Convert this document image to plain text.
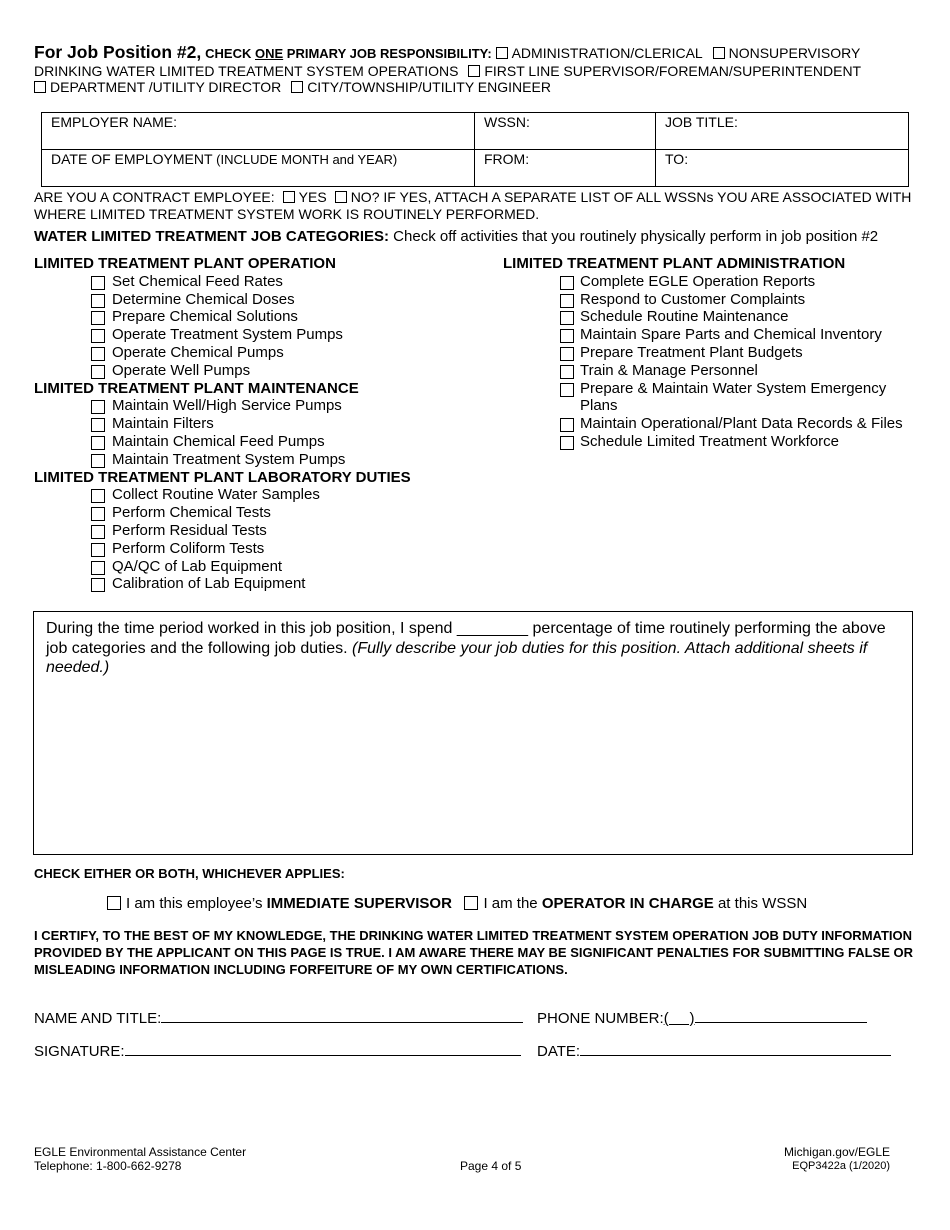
For Job Position #2, CHECK ONE PRIMARY JOB RESPONSIBILITY: ADMINISTRATION/CLERICAL NONSUPERVISORY DRINKING WATER LIMITED TREATMENT SYSTEM OPERATIONS FIRST LINE SUPERVISOR/FOREMAN/SUPERINTENDENT
DEPARTMENT /UTILITY DIRECTOR CITY/TOWNSHIP/UTILITY ENGINEER
EMPLOYER NAME:	WSSN:	JOB TITLE:
DATE OF EMPLOYMENT (INCLUDE MONTH and YEAR)	FROM:	TO:
ARE YOU A CONTRACT EMPLOYEE: YES NO? IF YES, ATTACH A SEPARATE LIST OF ALL WSSNs YOU ARE ASSOCIATED WITH WHERE LIMITED TREATMENT SYSTEM WORK IS ROUTINELY PERFORMED.
WATER LIMITED TREATMENT JOB CATEGORIES: Check off activities that you routinely physically perform in job position #2
LIMITED TREATMENT PLANT OPERATION
Set Chemical Feed Rates
Determine Chemical Doses
Prepare Chemical Solutions
Operate Treatment System Pumps
Operate Chemical Pumps
Operate Well Pumps
LIMITED TREATMENT PLANT MAINTENANCE
Maintain Well/High Service Pumps
Maintain Filters
Maintain Chemical Feed Pumps
Maintain Treatment System Pumps
LIMITED TREATMENT PLANT LABORATORY DUTIES
Collect Routine Water Samples
Perform Chemical Tests
Perform Residual Tests
Perform Coliform Tests
QA/QC of Lab Equipment
Calibration of Lab Equipment
LIMITED TREATMENT PLANT ADMINISTRATION
Complete EGLE Operation Reports
Respond to Customer Complaints
Schedule Routine Maintenance
Maintain Spare Parts and Chemical Inventory
Prepare Treatment Plant Budgets
Train & Manage Personnel
Prepare & Maintain Water System Emergency Plans
Maintain Operational/Plant Data Records & Files
Schedule Limited Treatment Workforce
During the time period worked in this job position, I spend ________ percentage of time routinely performing the above job categories and the following job duties. (Fully describe your job duties for this position. Attach additional sheets if needed.)
CHECK EITHER OR BOTH, WHICHEVER APPLIES:
I am this employee’s IMMEDIATE SUPERVISOR I am the OPERATOR IN CHARGE at this WSSN
I CERTIFY, TO THE BEST OF MY KNOWLEDGE, THE DRINKING WATER LIMITED TREATMENT SYSTEM OPERATION JOB DUTY INFORMATION PROVIDED BY THE APPLICANT ON THIS PAGE IS TRUE. I AM AWARE THERE MAY BE SIGNIFICANT PENALTIES FOR SUBMITTING FALSE OR MISLEADING INFORMATION INCLUDING FORFEITURE OF MY OWN CERTIFICATIONS.
NAME AND TITLE:	PHONE NUMBER:(     )
SIGNATURE:	DATE:
EGLE Environmental Assistance Center
Telephone: 1-800-662-9278	Page 4 of 5
Michigan.gov/EGLE
EQP3422a (1/2020)
